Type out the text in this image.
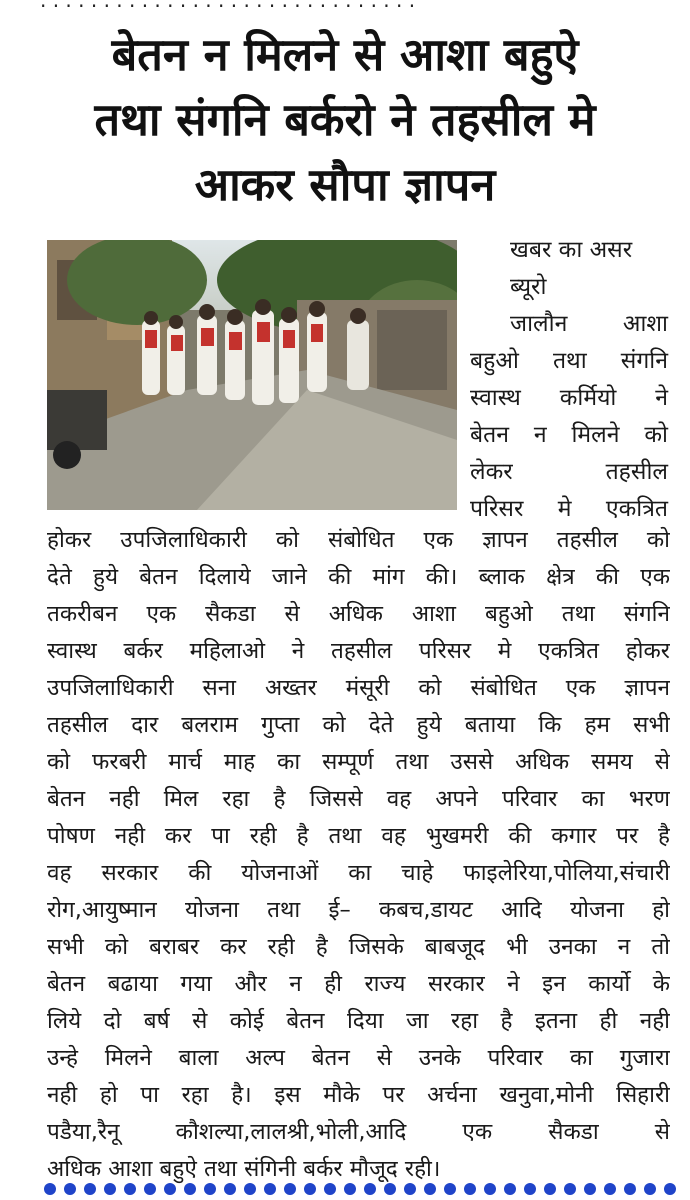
बेतन न मिलने से आशा बहुऐ
तथा संगनि बर्करो ने तहसील मे
आकर सौपा ज्ञापन
खबर का असर
ब्यूरो
जालौन आशा
बहुओ तथा संगनि
स्वास्थ कर्मियो ने
बेतन न मिलने को
लेकर तहसील
परिसर मे एकत्रित
होकर उपजिलाधिकारी को संबोधित एक ज्ञापन तहसील को
देते हुये बेतन दिलाये जाने की मांग की। ब्लाक क्षेत्र की एक
तकरीबन एक सैकडा से अधिक आशा बहुओ तथा संगनि
स्वास्थ बर्कर महिलाओ ने तहसील परिसर मे एकत्रित होकर
उपजिलाधिकारी सना अख्तर मंसूरी को संबोधित एक ज्ञापन
तहसील दार बलराम गुप्ता को देते हुये बताया कि हम सभी
को फरबरी मार्च माह का सम्पूर्ण तथा उससे अधिक समय से
बेतन नही मिल रहा है जिससे वह अपने परिवार का भरण
पोषण नही कर पा रही है तथा वह भुखमरी की कगार पर है
वह सरकार की योजनाओं का चाहे फाइलेरिया,पोलिया,संचारी
रोग,आयुष्मान योजना तथा ई– कबच,डायट आदि योजना हो
सभी को बराबर कर रही है जिसके बाबजूद भी उनका न तो
बेतन बढाया गया और न ही राज्य सरकार ने इन कार्यो के
लिये दो बर्ष से कोई बेतन दिया जा रहा है इतना ही नही
उन्हे मिलने बाला अल्प बेतन से उनके परिवार का गुजारा
नही हो पा रहा है। इस मौके पर अर्चना खनुवा,मोनी सिहारी
पडैया,रैनू कौशल्या,लालश्री,भोली,आदि एक सैकडा से
अधिक आशा बहुऐ तथा संगिनी बर्कर मौजूद रही।
